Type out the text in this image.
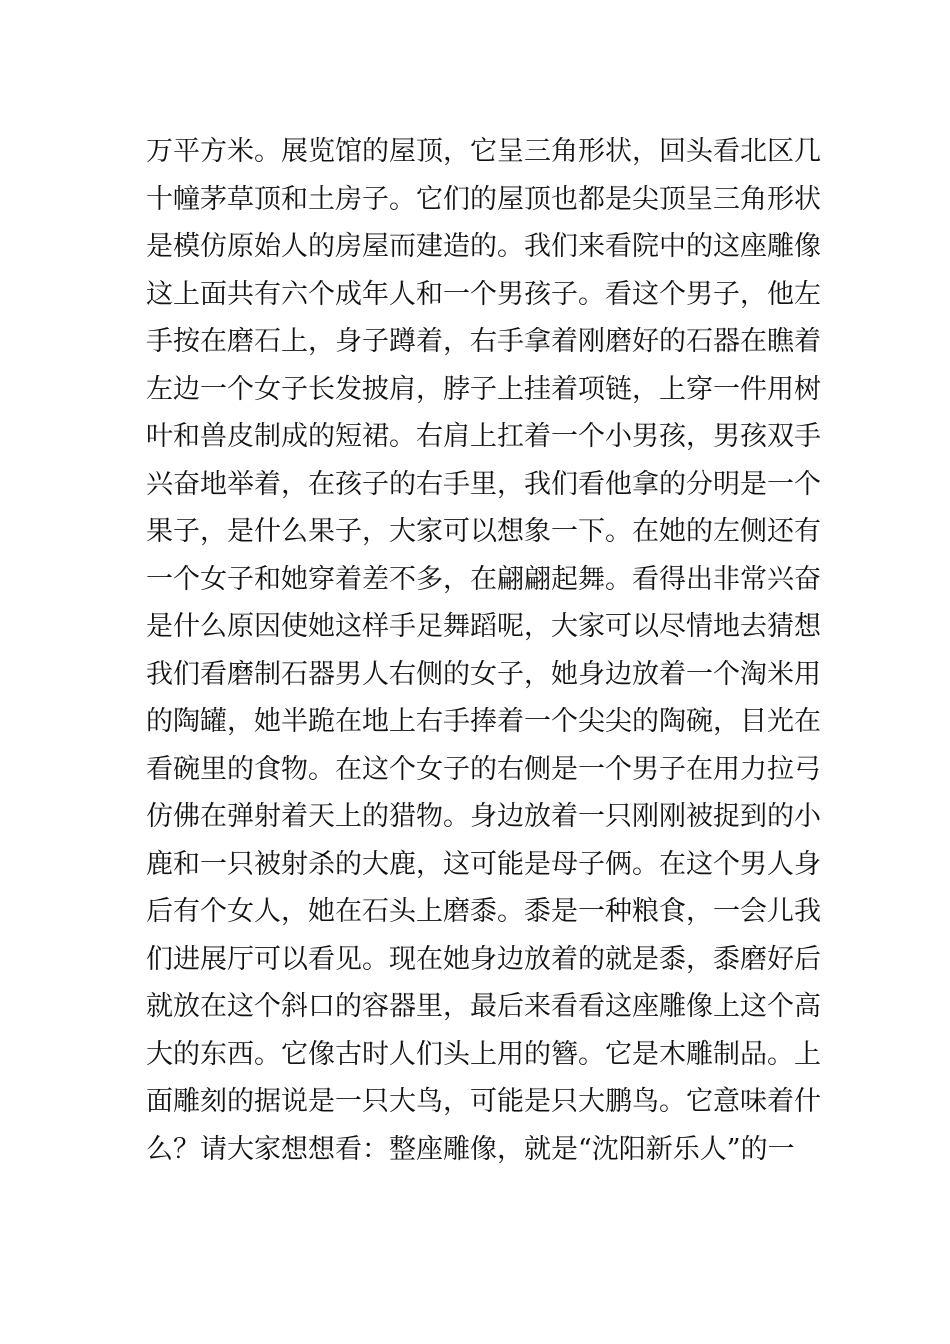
万平方米。展览馆的屋顶，它呈三角形状，回头看北区几
十幢茅草顶和土房子。它们的屋顶也都是尖顶呈三角形状
是模仿原始人的房屋而建造的。我们来看院中的这座雕像
这上面共有六个成年人和一个男孩子。看这个男子，他左
手按在磨石上，身子蹲着，右手拿着刚磨好的石器在瞧着
左边一个女子长发披肩，脖子上挂着项链，上穿一件用树
叶和兽皮制成的短裙。右肩上扛着一个小男孩，男孩双手
兴奋地举着，在孩子的右手里，我们看他拿的分明是一个
果子，是什么果子，大家可以想象一下。在她的左侧还有
一个女子和她穿着差不多，在翩翩起舞。看得出非常兴奋
是什么原因使她这样手足舞蹈呢，大家可以尽情地去猜想
我们看磨制石器男人右侧的女子，她身边放着一个淘米用
的陶罐，她半跪在地上右手捧着一个尖尖的陶碗，目光在
看碗里的食物。在这个女子的右侧是一个男子在用力拉弓
仿佛在弹射着天上的猎物。身边放着一只刚刚被捉到的小
鹿和一只被射杀的大鹿，这可能是母子俩。在这个男人身
后有个女人，她在石头上磨黍。黍是一种粮食，一会儿我
们进展厅可以看见。现在她身边放着的就是黍，黍磨好后
就放在这个斜口的容器里，最后来看看这座雕像上这个高
大的东西。它像古时人们头上用的簪。它是木雕制品。上
面雕刻的据说是一只大鸟，可能是只大鹏鸟。它意味着什
么？请大家想想看：整座雕像，就是“沈阳新乐人”的一
